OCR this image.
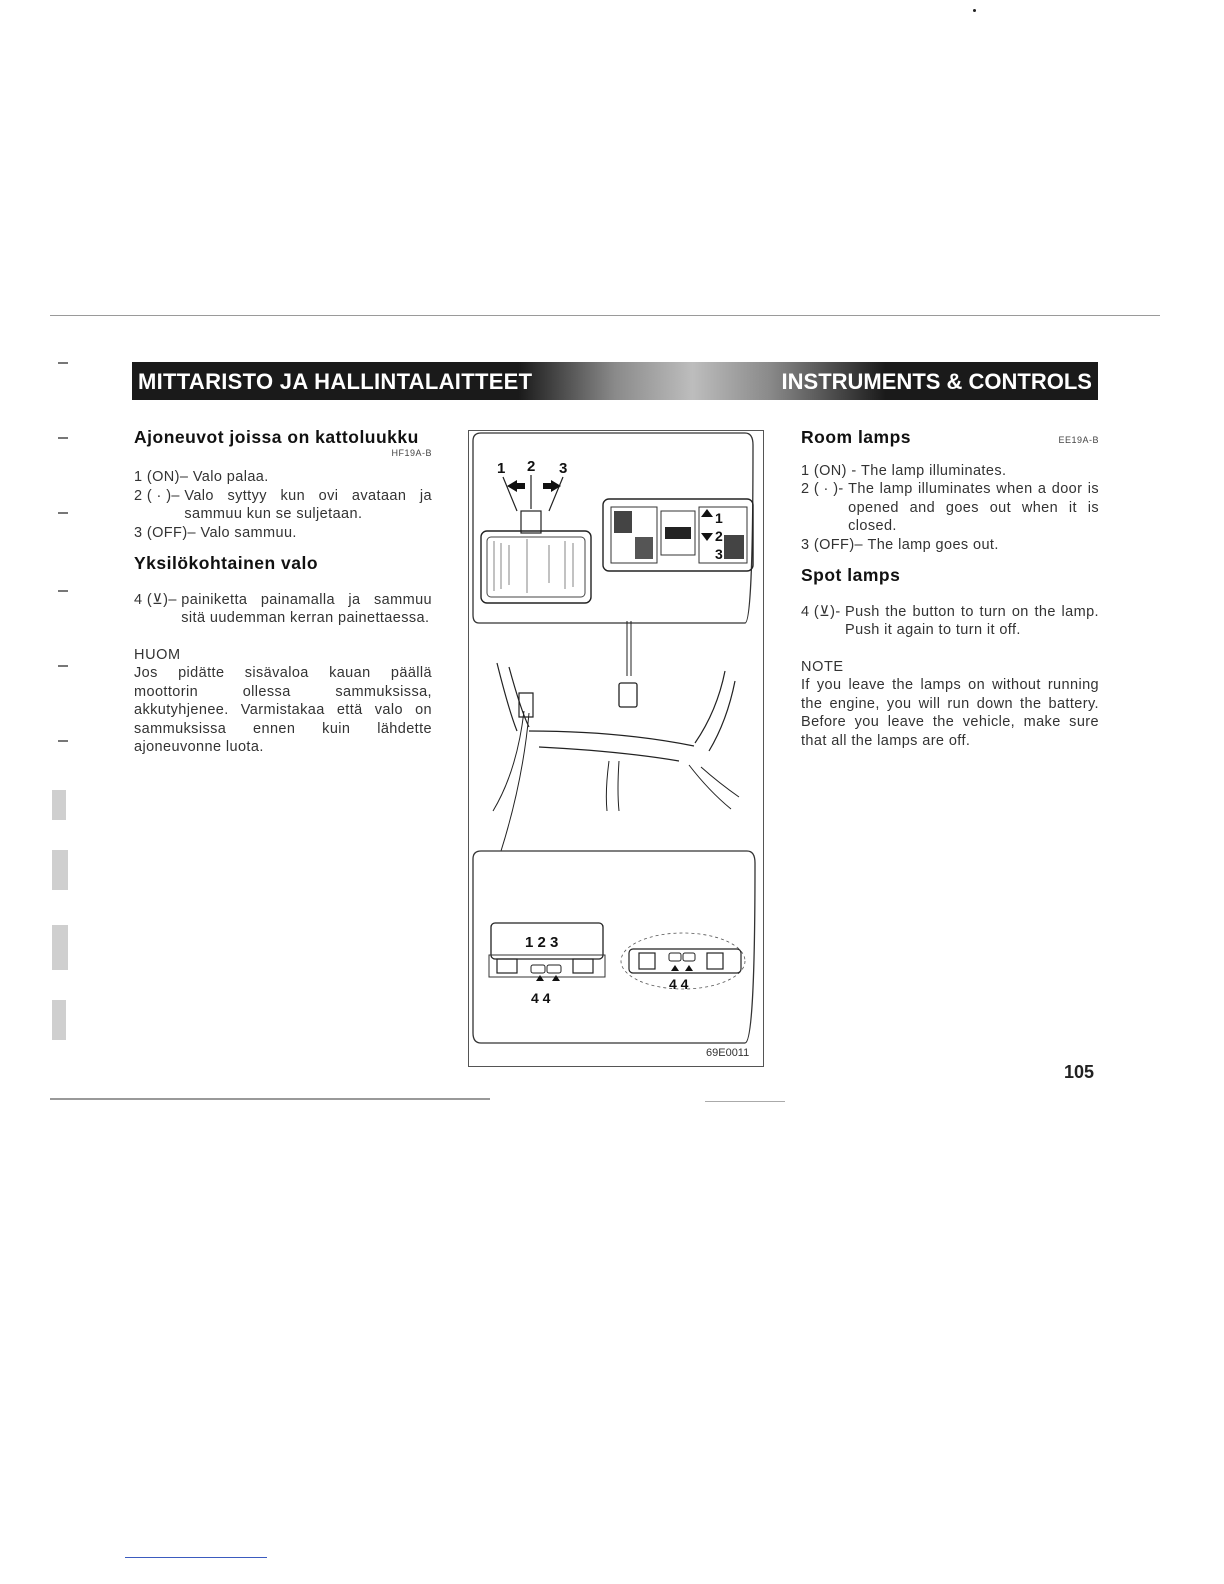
MITTARISTO JA HALLINTALAITTEET	INSTRUMENTS & CONTROLS
Ajoneuvot joissa on kattoluukku
HF19A-B
1 (ON)–
Valo palaa.
2 ( · )–
Valo syttyy kun ovi avataan ja sammuu kun se suljetaan.
3 (OFF)–
Valo sammuu.
Yksilökohtainen valo
4 (⊻)–
painiketta painamalla ja sammuu sitä uudemman kerran painettaessa.
HUOM
Jos pidätte sisävaloa kauan päällä moottorin ollessa sammuksissa, akkutyhjenee. Varmistakaa että valo on sammuksissa ennen kuin lähdette ajoneuvonne luota.
1 2 3
1
2
3
1 2 3
4 4
4 4
69E0011
Room lamps	EE19A-B
1 (ON) -
The lamp illuminates.
2 ( · )-
The lamp illuminates when a door is opened and goes out when it is closed.
3 (OFF)–
The lamp goes out.
Spot lamps
4 (⊻)-
Push the button to turn on the lamp. Push it again to turn it off.
NOTE
If you leave the lamps on without running the engine, you will run down the battery. Before you leave the vehicle, make sure that all the lamps are off.
105
